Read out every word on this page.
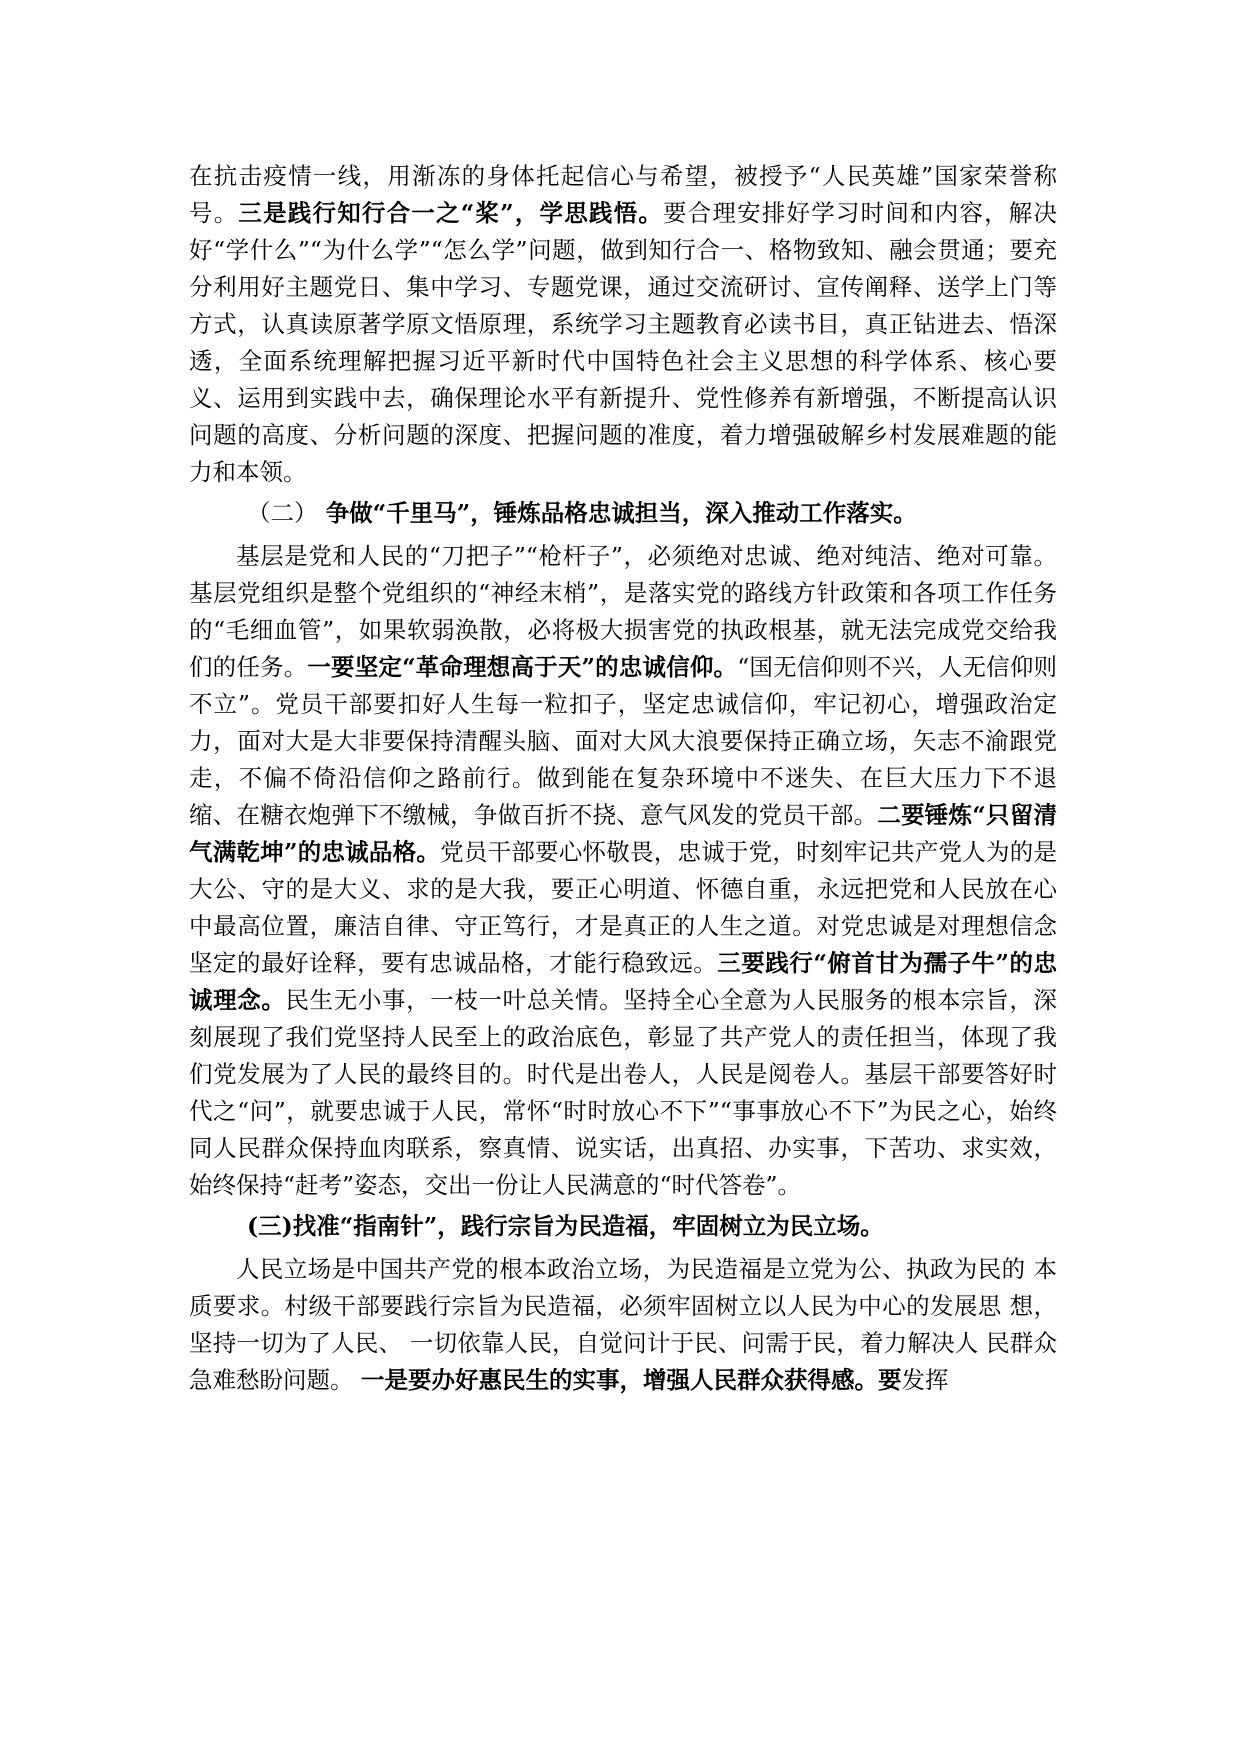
在抗击疫情一线，用渐冻的身体托起信心与希望，被授予“人民英雄”国家荣誉称号。三是践行知行合一之“桨”，学思践悟。要合理安排好学习时间和内容，解决好“学什么”“为什么学”“怎么学”问题，做到知行合一、格物致知、融会贯通；要充分利用好主题党日、集中学习、专题党课，通过交流研讨、宣传阐释、送学上门等方式，认真读原著学原文悟原理，系统学习主题教育必读书目，真正钻进去、悟深透，全面系统理解把握习近平新时代中国特色社会主义思想的科学体系、核心要义、运用到实践中去，确保理论水平有新提升、党性修养有新增强，不断提高认识问题的高度、分析问题的深度、把握问题的准度，着力增强破解乡村发展难题的能力和本领。

（二） 争做“千里马”，锤炼品格忠诚担当，深入推动工作落实。

基层是党和人民的“刀把子”“枪杆子”，必须绝对忠诚、绝对纯洁、绝对可靠。基层党组织是整个党组织的“神经末梢”，是落实党的路线方针政策和各项工作任务的“毛细血管”，如果软弱涣散，必将极大损害党的执政根基，就无法完成党交给我们的任务。一要坚定“革命理想高于天”的忠诚信仰。“国无信仰则不兴，人无信仰则不立”。党员干部要扣好人生每一粒扣子，坚定忠诚信仰，牢记初心，增强政治定力，面对大是大非要保持清醒头脑、面对大风大浪要保持正确立场，矢志不渝跟党走，不偏不倚沿信仰之路前行。做到能在复杂环境中不迷失、在巨大压力下不退缩、在糖衣炮弹下不缴械，争做百折不挠、意气风发的党员干部。二要锤炼“只留清气满乾坤”的忠诚品格。党员干部要心怀敬畏，忠诚于党，时刻牢记共产党人为的是大公、守的是大义、求的是大我，要正心明道、怀德自重，永远把党和人民放在心中最高位置，廉洁自律、守正笃行，才是真正的人生之道。对党忠诚是对理想信念坚定的最好诠释，要有忠诚品格，才能行稳致远。三要践行“俯首甘为孺子牛”的忠诚理念。民生无小事，一枝一叶总关情。坚持全心全意为人民服务的根本宗旨，深刻展现了我们党坚持人民至上的政治底色，彰显了共产党人的责任担当，体现了我们党发展为了人民的最终目的。时代是出卷人，人民是阅卷人。基层干部要答好时代之“问”，就要忠诚于人民，常怀“时时放心不下”“事事放心不下”为民之心，始终同人民群众保持血肉联系，察真情、说实话，出真招、办实事，下苦功、求实效，始终保持“赶考”姿态，交出一份让人民满意的“时代答卷”。

(三)找准“指南针”，践行宗旨为民造福，牢固树立为民立场。

人民立场是中国共产党的根本政治立场，为民造福是立党为公、执政为民的 本质要求。村级干部要践行宗旨为民造福，必须牢固树立以人民为中心的发展思 想，坚持一切为了人民、 一切依靠人民，自觉问计于民、问需于民，着力解决人 民群众急难愁盼问题。 一是要办好惠民生的实事，增强人民群众获得感。要发挥
